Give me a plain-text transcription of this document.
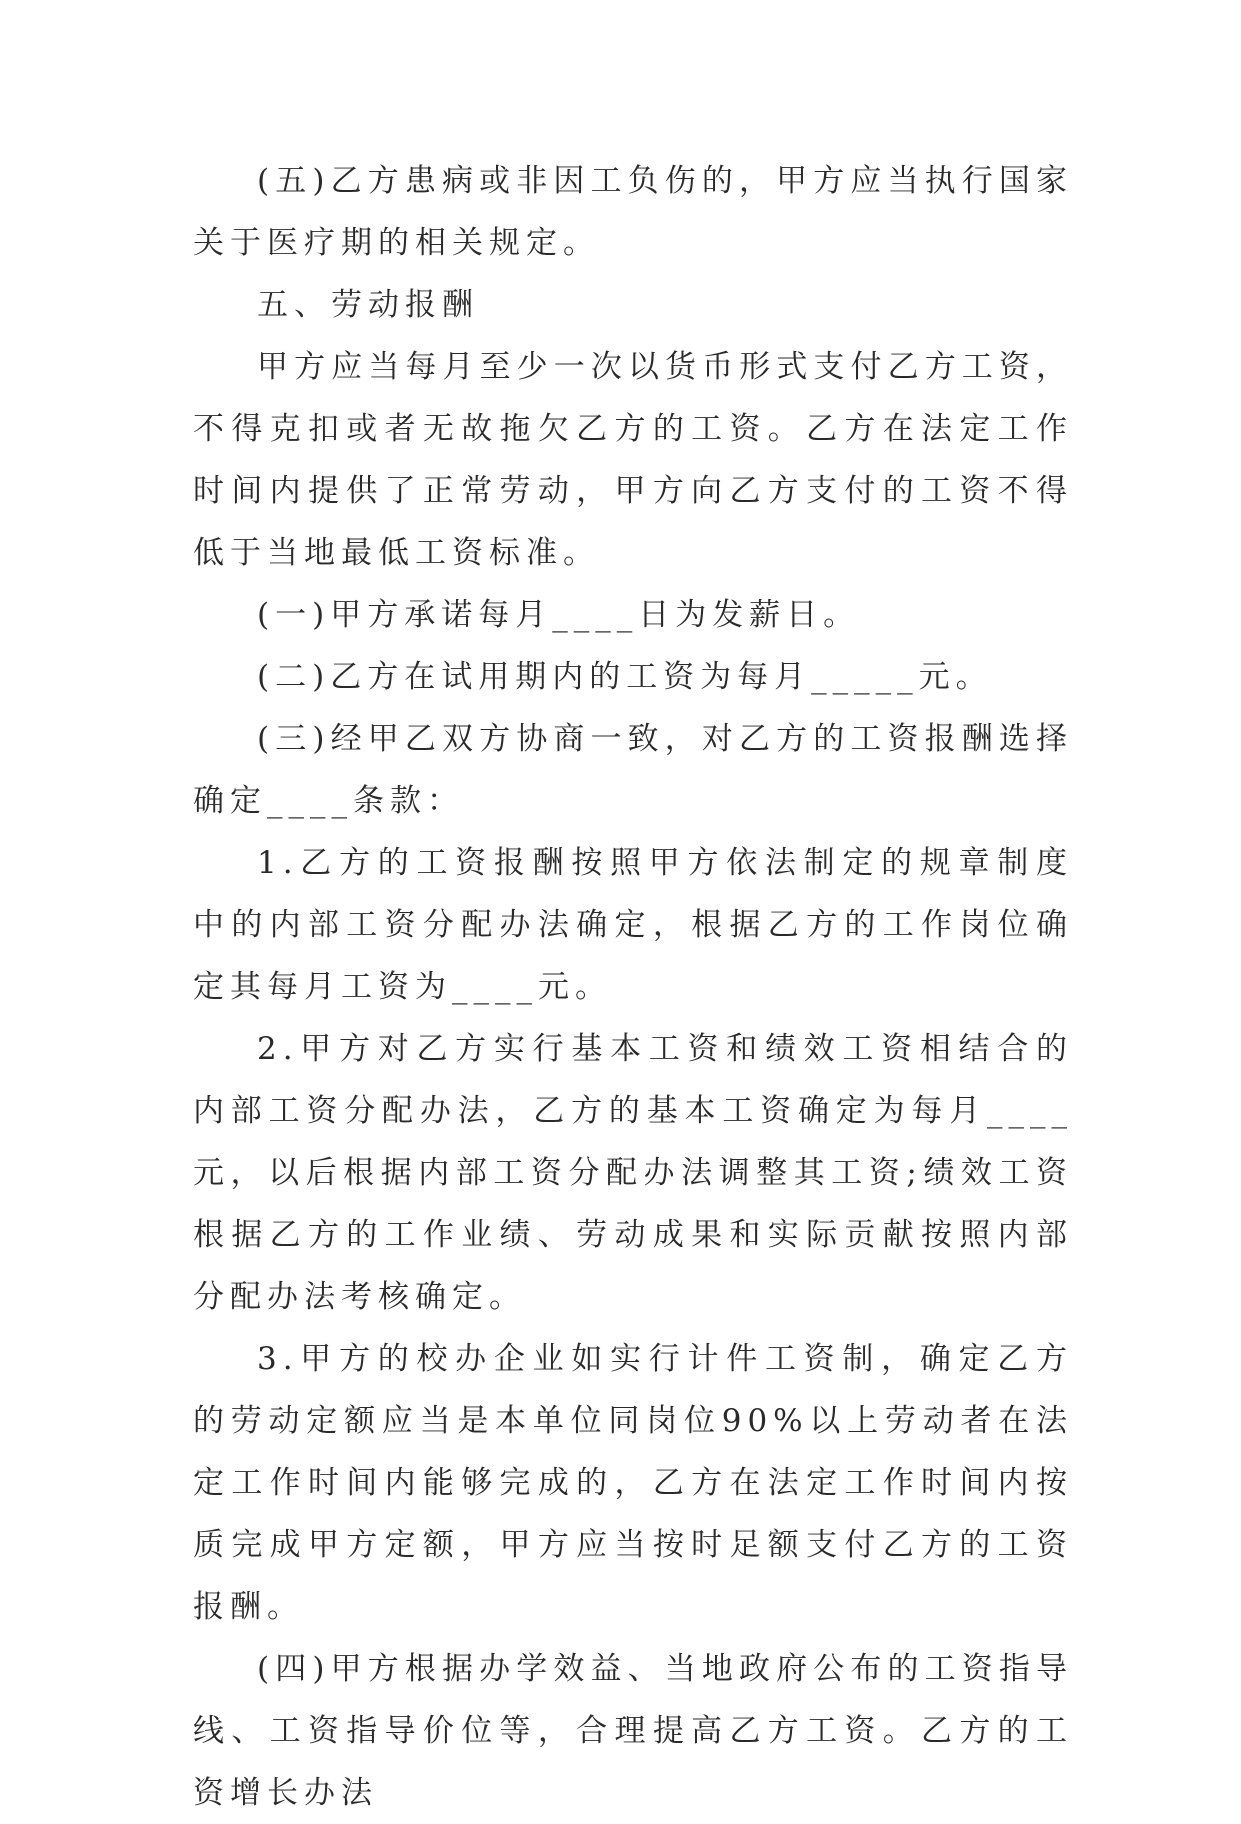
(五)乙方患病或非因工负伤的，甲方应当执行国家关于医疗期的相关规定。

五、劳动报酬

甲方应当每月至少一次以货币形式支付乙方工资，不得克扣或者无故拖欠乙方的工资。乙方在法定工作时间内提供了正常劳动，甲方向乙方支付的工资不得低于当地最低工资标准。

(一)甲方承诺每月____日为发薪日。

(二)乙方在试用期内的工资为每月_____元。

(三)经甲乙双方协商一致，对乙方的工资报酬选择确定____条款：

1.乙方的工资报酬按照甲方依法制定的规章制度中的内部工资分配办法确定，根据乙方的工作岗位确定其每月工资为____元。

2.甲方对乙方实行基本工资和绩效工资相结合的内部工资分配办法，乙方的基本工资确定为每月____元，以后根据内部工资分配办法调整其工资;绩效工资根据乙方的工作业绩、劳动成果和实际贡献按照内部分配办法考核确定。

3.甲方的校办企业如实行计件工资制，确定乙方的劳动定额应当是本单位同岗位90%以上劳动者在法定工作时间内能够完成的，乙方在法定工作时间内按质完成甲方定额，甲方应当按时足额支付乙方的工资报酬。

(四)甲方根据办学效益、当地政府公布的工资指导线、工资指导价位等，合理提高乙方工资。乙方的工资增长办法
